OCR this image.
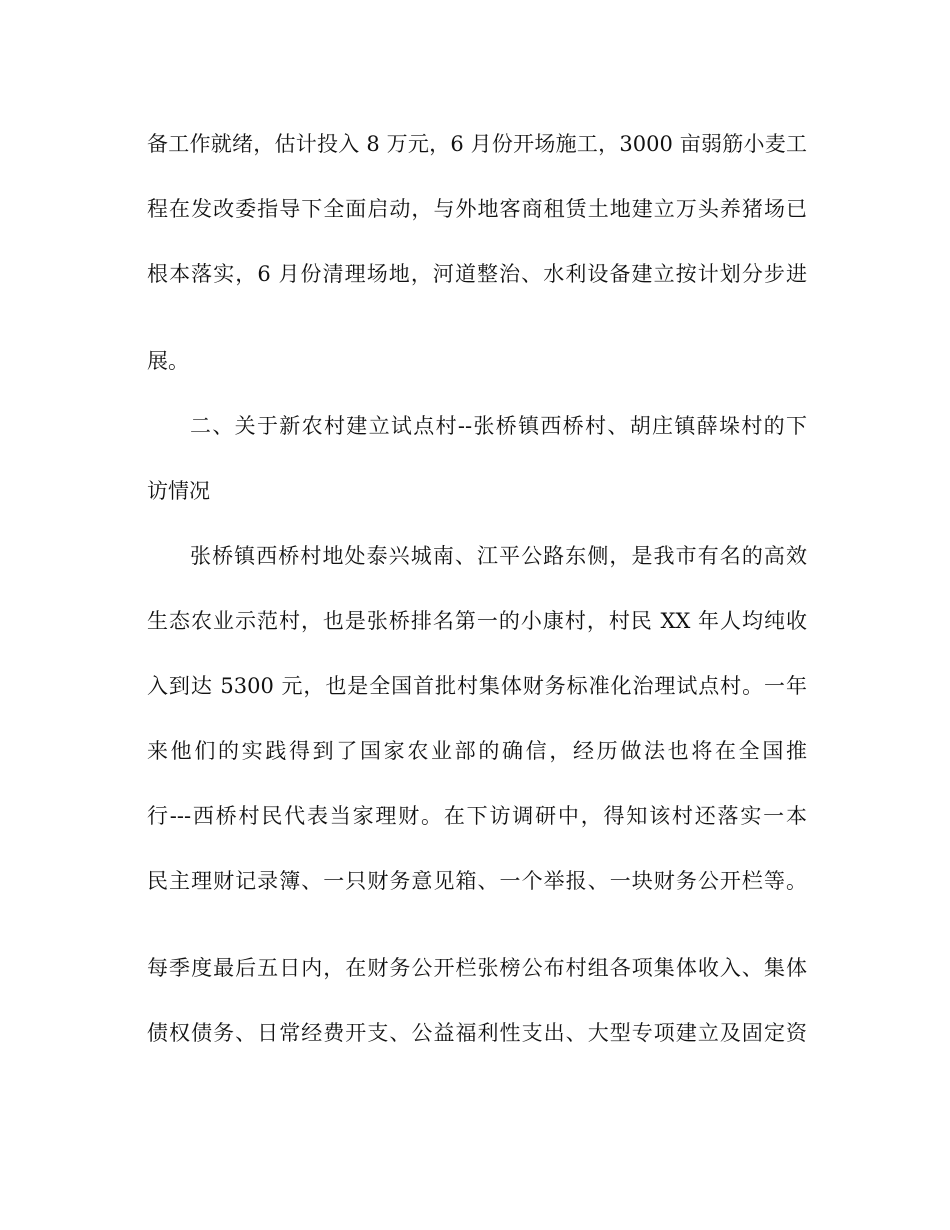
备工作就绪，估计投入 8 万元，6 月份开场施工，3000 亩弱筋小麦工
程在发改委指导下全面启动，与外地客商租赁土地建立万头养猪场已
根本落实，6 月份清理场地，河道整治、水利设备建立按计划分步进
展。
二、关于新农村建立试点村--张桥镇西桥村、胡庄镇薛垛村的下
访情况
张桥镇西桥村地处泰兴城南、江平公路东侧，是我市有名的高效
生态农业示范村，也是张桥排名第一的小康村，村民 XX 年人均纯收
入到达 5300 元，也是全国首批村集体财务标准化治理试点村。一年
来他们的实践得到了国家农业部的确信，经历做法也将在全国推
行---西桥村民代表当家理财。在下访调研中，得知该村还落实一本
民主理财记录簿、一只财务意见箱、一个举报、一块财务公开栏等。
每季度最后五日内，在财务公开栏张榜公布村组各项集体收入、集体
债权债务、日常经费开支、公益福利性支出、大型专项建立及固定资
